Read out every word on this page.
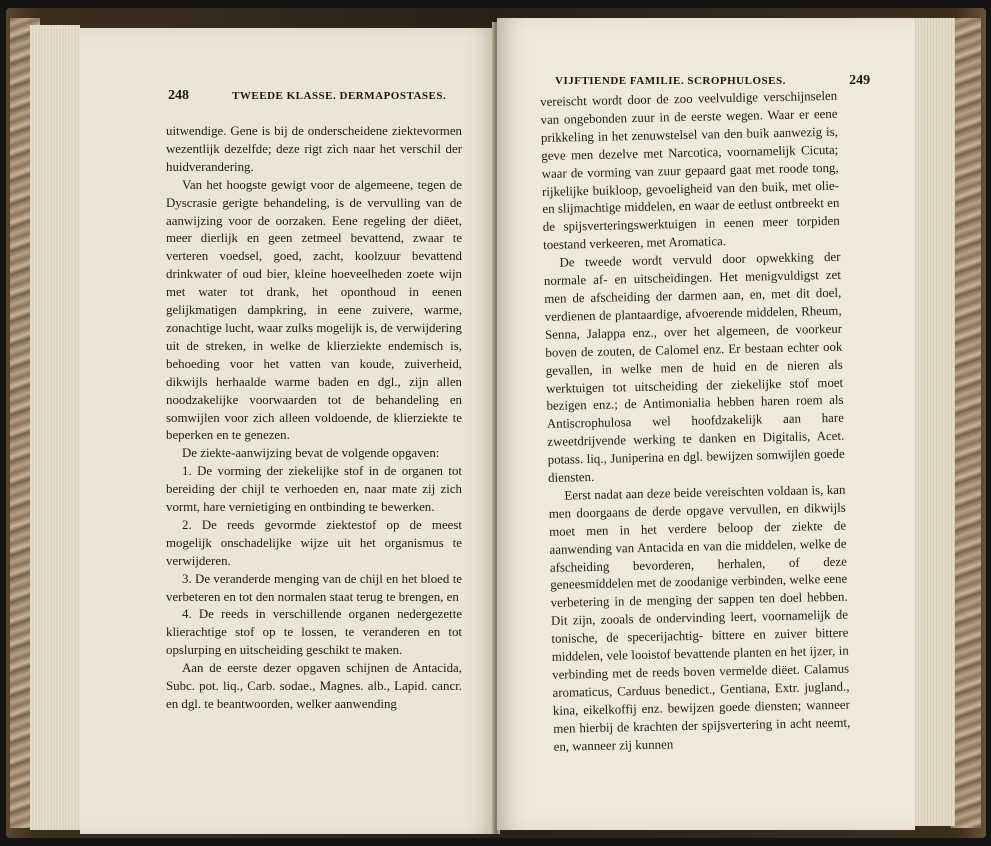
248	TWEEDE KLASSE. DERMAPOSTASES.

uitwendige. Gene is bij de onderscheidene ziektevormen wezentlijk dezelfde; deze rigt zich naar het verschil der huidverandering.

Van het hoogste gewigt voor de algemeene, tegen de Dyscrasie gerigte behandeling, is de vervulling van de aanwijzing voor de oorzaken. Eene regeling der diëet, meer dierlijk en geen zetmeel bevattend, zwaar te verteren voedsel, goed, zacht, koolzuur bevattend drinkwater of oud bier, kleine hoeveelheden zoete wijn met water tot drank, het oponthoud in eenen gelijkmatigen dampkring, in eene zuivere, warme, zonachtige lucht, waar zulks mogelijk is, de verwijdering uit de streken, in welke de klierziekte endemisch is, behoeding voor het vatten van koude, zuiverheid, dikwijls herhaalde warme baden en dgl., zijn allen noodzakelijke voorwaarden tot de behandeling en somwijlen voor zich alleen voldoende, de klierziekte te beperken en te genezen.

De ziekte-aanwijzing bevat de volgende opgaven:

1. De vorming der ziekelijke stof in de organen tot bereiding der chijl te verhoeden en, naar mate zij zich vormt, hare vernietiging en ontbinding te bewerken.

2. De reeds gevormde ziektestof op de meest mogelijk onschadelijke wijze uit het organismus te verwijderen.

3. De veranderde menging van de chijl en het bloed te verbeteren en tot den normalen staat terug te brengen, en

4. De reeds in verschillende organen nedergezette klierachtige stof op te lossen, te veranderen en tot opslurping en uitscheiding geschikt te maken.

Aan de eerste dezer opgaven schijnen de Antacida, Subc. pot. liq., Carb. sodae., Magnes. alb., Lapid. cancr. en dgl. te beantwoorden, welker aanwending

VIJFTIENDE FAMILIE. SCROPHULOSES.	249

vereischt wordt door de zoo veelvuldige verschijnselen van ongebonden zuur in de eerste wegen. Waar er eene prikkeling in het zenuwstelsel van den buik aanwezig is, geve men dezelve met Narcotica, voornamelijk Cicuta; waar de vorming van zuur gepaard gaat met roode tong, rijkelijke buikloop, gevoeligheid van den buik, met olie- en slijmachtige middelen, en waar de eetlust ontbreekt en de spijsverteringswerktuigen in eenen meer torpiden toestand verkeeren, met Aromatica.

De tweede wordt vervuld door opwekking der normale af- en uitscheidingen. Het menigvuldigst zet men de afscheiding der darmen aan, en, met dit doel, verdienen de plantaardige, afvoerende middelen, Rheum, Senna, Jalappa enz., over het algemeen, de voorkeur boven de zouten, de Calomel enz. Er bestaan echter ook gevallen, in welke men de huid en de nieren als werktuigen tot uitscheiding der ziekelijke stof moet bezigen enz.; de Antimonialia hebben haren roem als Antiscrophulosa wel hoofdzakelijk aan hare zweetdrijvende werking te danken en Digitalis, Acet. potass. liq., Juniperina en dgl. bewijzen somwijlen goede diensten.

Eerst nadat aan deze beide vereischten voldaan is, kan men doorgaans de derde opgave vervullen, en dikwijls moet men in het verdere beloop der ziekte de aanwending van Antacida en van die middelen, welke de afscheiding bevorderen, herhalen, of deze geneesmiddelen met de zoodanige verbinden, welke eene verbetering in de menging der sappen ten doel hebben. Dit zijn, zooals de ondervinding leert, voornamelijk de tonische, de specerijachtig- bittere en zuiver bittere middelen, vele looistof bevattende planten en het ijzer, in verbinding met de reeds boven vermelde diëet. Calamus aromaticus, Carduus benedict., Gentiana, Extr. jugland., kina, eikelkoffij enz. bewijzen goede diensten; wanneer men hierbij de krachten der spijsvertering in acht neemt, en, wanneer zij kunnen
